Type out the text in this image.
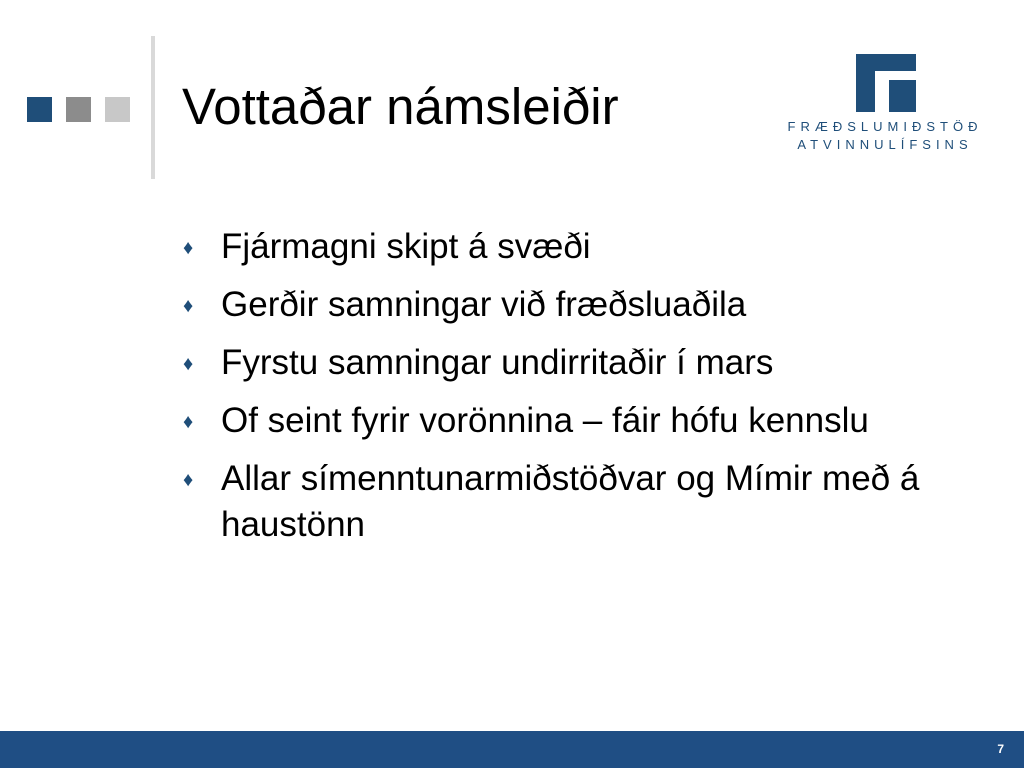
Vottaðar námsleiðir	FRÆÐSLUMIÐSTÖÐ
ATVINNULÍFSINS
♦ Fjármagni skipt á svæði
♦ Gerðir samningar við fræðsluaðila
♦ Fyrstu samningar undirritaðir í mars
♦ Of seint fyrir vorönnina – fáir hófu kennslu
♦ Allar símenntunarmiðstöðvar og Mímir með á haustönn
7
